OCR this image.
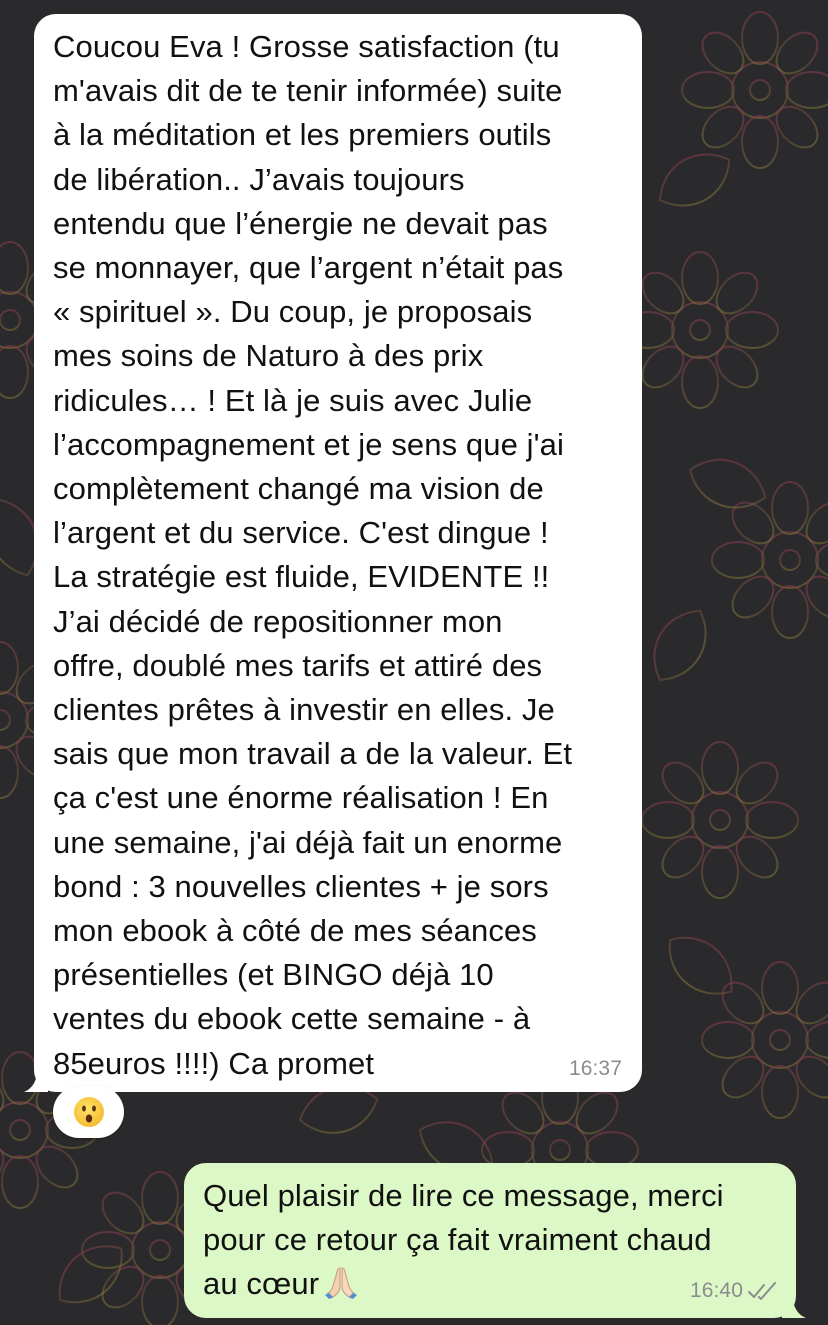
Coucou Eva ! Grosse satisfaction (tu
m'avais dit de te tenir informée) suite
à la méditation et les premiers outils
de libération.. J’avais toujours
entendu que l’énergie ne devait pas
se monnayer, que l’argent n’était pas
« spirituel ». Du coup, je proposais
mes soins de Naturo à des prix
ridicules… ! Et là je suis avec Julie
l’accompagnement et je sens que j'ai
complètement changé ma vision de
l’argent et du service. C'est dingue !
La stratégie est fluide, EVIDENTE !!
J’ai décidé de repositionner mon
offre, doublé mes tarifs et attiré des
clientes prêtes à investir en elles. Je
sais que mon travail a de la valeur. Et
ça c'est une énorme réalisation ! En
une semaine, j'ai déjà fait un enorme
bond : 3 nouvelles clientes + je sors
mon ebook à côté de mes séances
présentielles (et BINGO déjà 10
ventes du ebook cette semaine - à
85euros !!!!) Ca promet	16:37
Quel plaisir de lire ce message, merci
pour ce retour ça fait vraiment chaud
au cœur	16:40
